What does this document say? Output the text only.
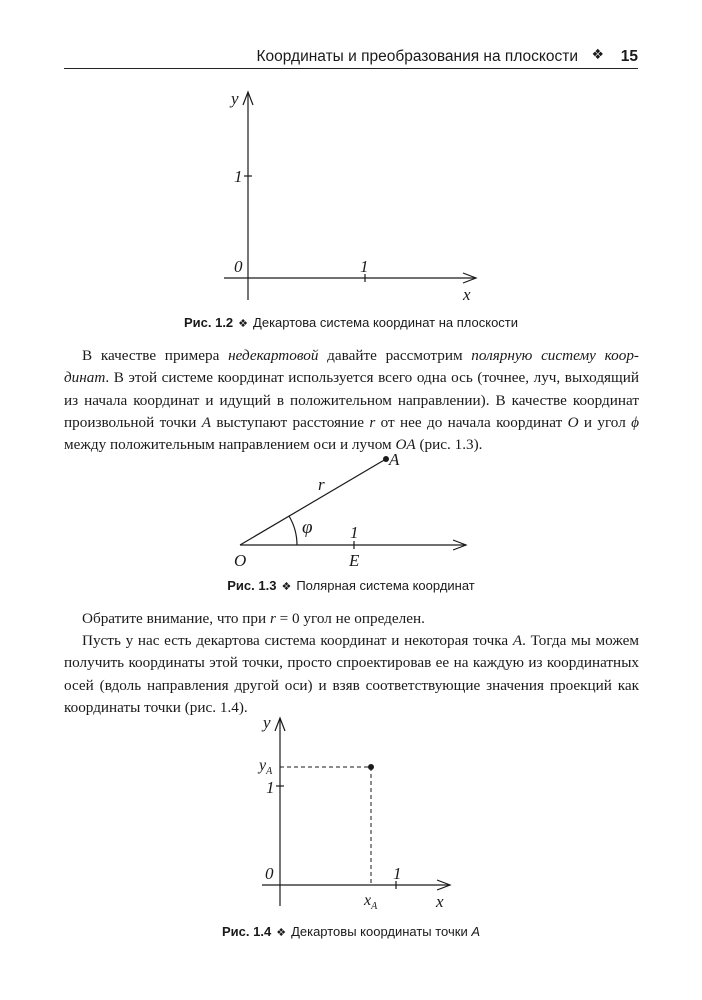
Координаты и преобразования на плоскости ❖ 15
y
1
0	1
x
Рис. 1.2 ❖ Декартова система координат на плоскости

В качестве примера недекартовой давайте рассмотрим полярную систему коор-динат. В этой системе координат используется всего одна ось (точнее, луч, выходящий из начала координат и идущий в положительном направлении). В качестве координат произвольной точки A выступают расстояние r от нее до начала координат O и угол ϕ между положительным направлением оси и лучом OA (рис. 1.3).

A
r
φ 1
O	E
Рис. 1.3 ❖ Полярная система координат

Обратите внимание, что при r = 0 угол не определен.

Пусть у нас есть декартова система координат и некоторая точка A. Тогда мы можем получить координаты этой точки, просто спроектировав ее на каждую из координатных осей (вдоль направления другой оси) и взяв соответствующие значения проекций как координаты точки (рис. 1.4).

y
$y_A$
1
0	1
$x_A$	x
Рис. 1.4 ❖ Декартовы координаты точки A
